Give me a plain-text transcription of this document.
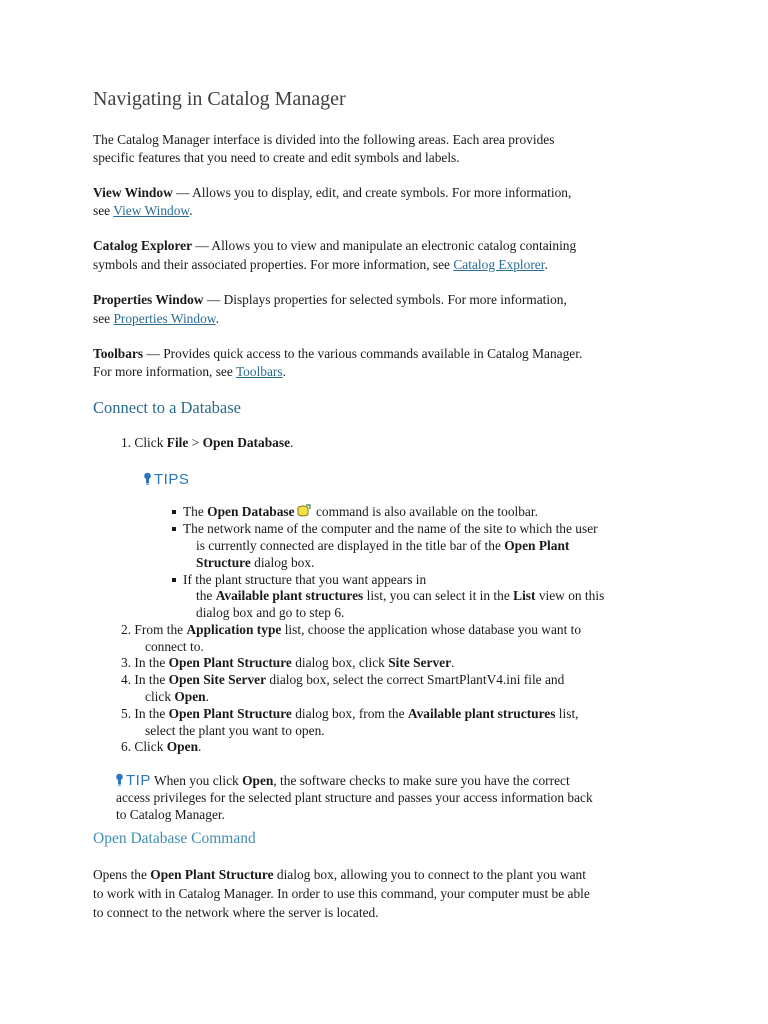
Navigating in Catalog Manager
The Catalog Manager interface is divided into the following areas. Each area provides
specific features that you need to create and edit symbols and labels.
View Window — Allows you to display, edit, and create symbols. For more information,
see View Window.
Catalog Explorer — Allows you to view and manipulate an electronic catalog containing
symbols and their associated properties. For more information, see Catalog Explorer.
Properties Window — Displays properties for selected symbols. For more information,
see Properties Window.
Toolbars — Provides quick access to the various commands available in Catalog Manager.
For more information, see Toolbars.
Connect to a Database
1. Click File > Open Database.
TIPS
The Open Database command is also available on the toolbar.
The network name of the computer and the name of the site to which the user
is currently connected are displayed in the title bar of the Open Plant
Structure dialog box.
If the plant structure that you want appears in
the Available plant structures list, you can select it in the List view on this
dialog box and go to step 6.
2. From the Application type list, choose the application whose database you want to
connect to.
3. In the Open Plant Structure dialog box, click Site Server.
4. In the Open Site Server dialog box, select the correct SmartPlantV4.ini file and
click Open.
5. In the Open Plant Structure dialog box, from the Available plant structures list,
select the plant you want to open.
6. Click Open.
TIP When you click Open, the software checks to make sure you have the correct
access privileges for the selected plant structure and passes your access information back
to Catalog Manager.
Open Database Command
Opens the Open Plant Structure dialog box, allowing you to connect to the plant you want
to work with in Catalog Manager. In order to use this command, your computer must be able
to connect to the network where the server is located.
